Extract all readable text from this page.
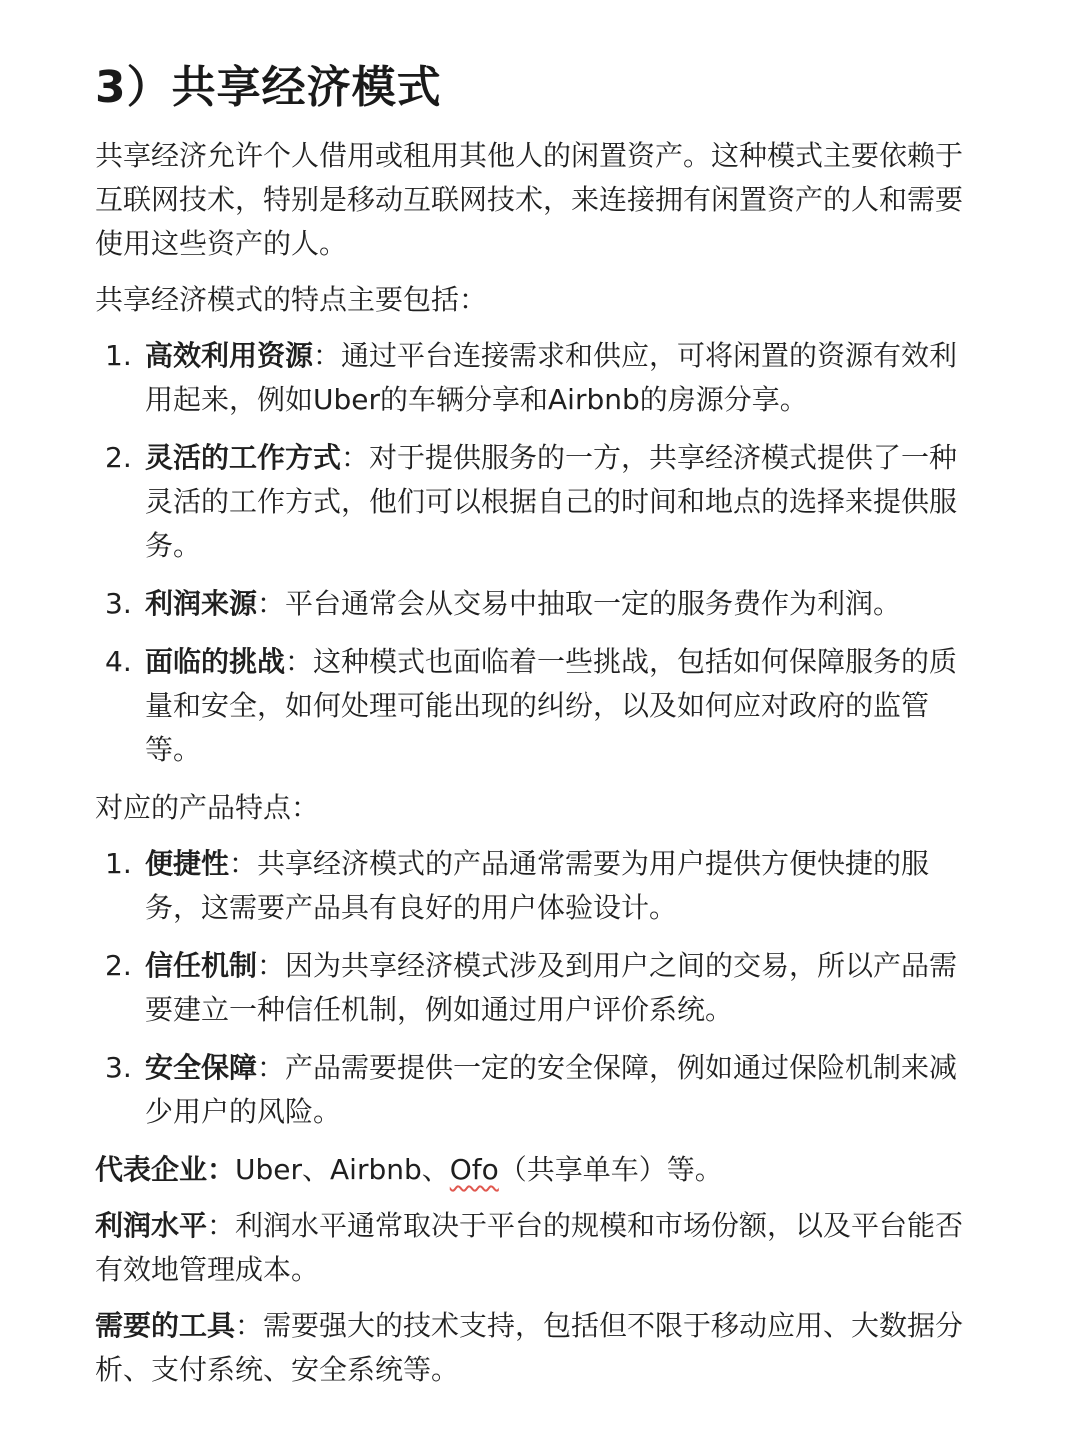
3）共享经济模式

共享经济允许个人借用或租用其他人的闲置资产。这种模式主要依赖于互联网技术，特别是移动互联网技术，来连接拥有闲置资产的人和需要使用这些资产的人。

共享经济模式的特点主要包括：

1. 高效利用资源：通过平台连接需求和供应，可将闲置的资源有效利用起来，例如Uber的车辆分享和Airbnb的房源分享。
2. 灵活的工作方式：对于提供服务的一方，共享经济模式提供了一种灵活的工作方式，他们可以根据自己的时间和地点的选择来提供服务。
3. 利润来源：平台通常会从交易中抽取一定的服务费作为利润。
4. 面临的挑战：这种模式也面临着一些挑战，包括如何保障服务的质量和安全，如何处理可能出现的纠纷，以及如何应对政府的监管等。

对应的产品特点：

1. 便捷性：共享经济模式的产品通常需要为用户提供方便快捷的服务，这需要产品具有良好的用户体验设计。
2. 信任机制：因为共享经济模式涉及到用户之间的交易，所以产品需要建立一种信任机制，例如通过用户评价系统。
3. 安全保障：产品需要提供一定的安全保障，例如通过保险机制来减少用户的风险。

代表企业：Uber、Airbnb、Ofo（共享单车）等。

利润水平：利润水平通常取决于平台的规模和市场份额，以及平台能否有效地管理成本。

需要的工具：需要强大的技术支持，包括但不限于移动应用、大数据分析、支付系统、安全系统等。
